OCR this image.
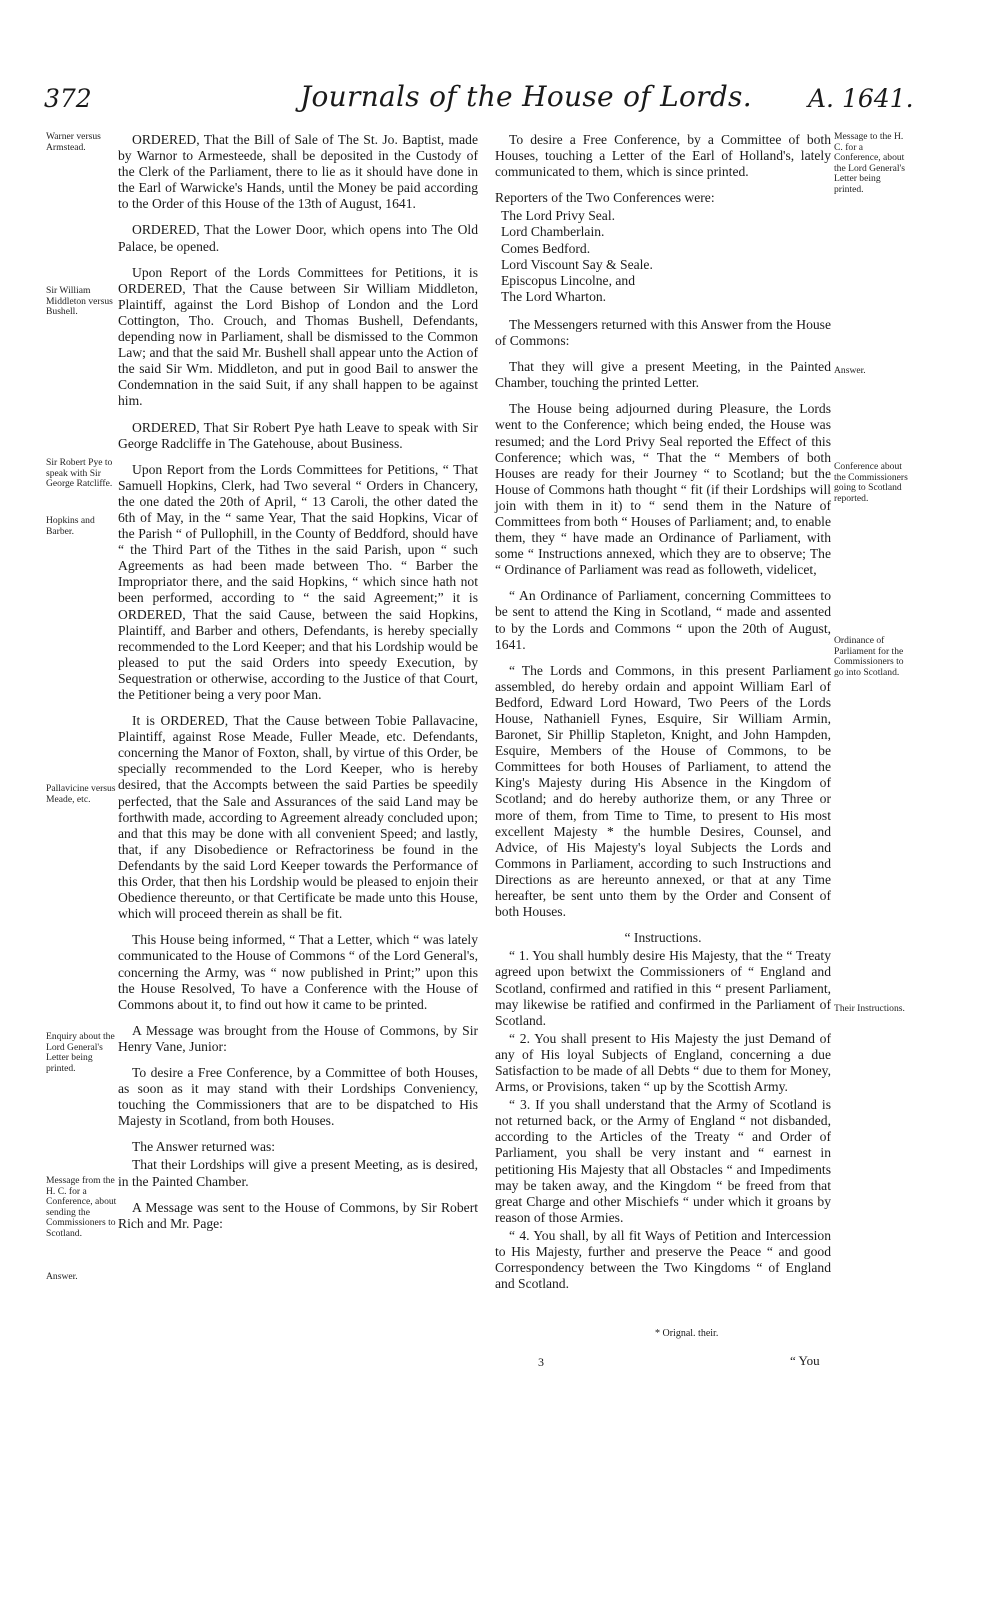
372	Journals of the House of Lords. A. 1641.
Warner versus Armstead.
Sir William Middleton versus Bushell.
Sir Robert Pye to speak with Sir George Ratcliffe.
Hopkins and Barber.
Pallavicine versus Meade, etc.
Enquiry about the Lord General's Letter being printed.
Message from the H. C. for a Conference, about sending the Commissioners to Scotland.
Answer.
Message to the H. C. for a Conference, about the Lord General's Letter being printed.
Answer.
Conference about the Commissioners going to Scotland reported.
Ordinance of Parliament for the Commissioners to go into Scotland.
Their Instructions.

ORDERED, That the Bill of Sale of The St. Jo. Baptist, made by Warnor to Armesteede, shall be deposited in the Custody of the Clerk of the Parliament, there to lie as it should have done in the Earl of Warwicke's Hands, until the Money be paid according to the Order of this House of the 13th of August, 1641.

ORDERED, That the Lower Door, which opens into The Old Palace, be opened.

Upon Report of the Lords Committees for Petitions, it is ORDERED, That the Cause between Sir William Middleton, Plaintiff, against the Lord Bishop of London and the Lord Cottington, Tho. Crouch, and Thomas Bushell, Defendants, depending now in Parliament, shall be dismissed to the Common Law; and that the said Mr. Bushell shall appear unto the Action of the said Sir Wm. Middleton, and put in good Bail to answer the Condemnation in the said Suit, if any shall happen to be against him.

ORDERED, That Sir Robert Pye hath Leave to speak with Sir George Radcliffe in The Gatehouse, about Business.

Upon Report from the Lords Committees for Petitions, “ That Samuell Hopkins, Clerk, had Two several “ Orders in Chancery, the one dated the 20th of April, “ 13 Caroli, the other dated the 6th of May, in the “ same Year, That the said Hopkins, Vicar of the Parish “ of Pullophill, in the County of Beddford, should have “ the Third Part of the Tithes in the said Parish, upon “ such Agreements as had been made between Tho. “ Barber the Impropriator there, and the said Hopkins, “ which since hath not been performed, according to “ the said Agreement;” it is ORDERED, That the said Cause, between the said Hopkins, Plaintiff, and Barber and others, Defendants, is hereby specially recommended to the Lord Keeper; and that his Lordship would be pleased to put the said Orders into speedy Execution, by Sequestration or otherwise, according to the Justice of that Court, the Petitioner being a very poor Man.

It is ORDERED, That the Cause between Tobie Pallavacine, Plaintiff, against Rose Meade, Fuller Meade, etc. Defendants, concerning the Manor of Foxton, shall, by virtue of this Order, be specially recommended to the Lord Keeper, who is hereby desired, that the Accompts between the said Parties be speedily perfected, that the Sale and Assurances of the said Land may be forthwith made, according to Agreement already concluded upon; and that this may be done with all convenient Speed; and lastly, that, if any Disobedience or Refractoriness be found in the Defendants by the said Lord Keeper towards the Performance of this Order, that then his Lordship would be pleased to enjoin their Obedience thereunto, or that Certificate be made unto this House, which will proceed therein as shall be fit.

This House being informed, “ That a Letter, which “ was lately communicated to the House of Commons “ of the Lord General's, concerning the Army, was “ now published in Print;” upon this the House Resolved, To have a Conference with the House of Commons about it, to find out how it came to be printed.

A Message was brought from the House of Commons, by Sir Henry Vane, Junior:

To desire a Free Conference, by a Committee of both Houses, as soon as it may stand with their Lordships Conveniency, touching the Commissioners that are to be dispatched to His Majesty in Scotland, from both Houses.

The Answer returned was:

That their Lordships will give a present Meeting, as is desired, in the Painted Chamber.

A Message was sent to the House of Commons, by Sir Robert Rich and Mr. Page:

To desire a Free Conference, by a Committee of both Houses, touching a Letter of the Earl of Holland's, lately communicated to them, which is since printed.

Reporters of the Two Conferences were:

The Lord Privy Seal.
Lord Chamberlain.
Comes Bedford.
Lord Viscount Say & Seale.
Episcopus Lincolne, and
The Lord Wharton.

The Messengers returned with this Answer from the House of Commons:

That they will give a present Meeting, in the Painted Chamber, touching the printed Letter.

The House being adjourned during Pleasure, the Lords went to the Conference; which being ended, the House was resumed; and the Lord Privy Seal reported the Effect of this Conference; which was, “ That the “ Members of both Houses are ready for their Journey “ to Scotland; but the House of Commons hath thought “ fit (if their Lordships will join with them in it) to “ send them in the Nature of Committees from both “ Houses of Parliament; and, to enable them, they “ have made an Ordinance of Parliament, with some “ Instructions annexed, which they are to observe; The “ Ordinance of Parliament was read as followeth, videlicet,

“ An Ordinance of Parliament, concerning Committees to be sent to attend the King in Scotland, “ made and assented to by the Lords and Commons “ upon the 20th of August, 1641.

“ The Lords and Commons, in this present Parliament assembled, do hereby ordain and appoint William Earl of Bedford, Edward Lord Howard, Two Peers of the Lords House, Nathaniell Fynes, Esquire, Sir William Armin, Baronet, Sir Phillip Stapleton, Knight, and John Hampden, Esquire, Members of the House of Commons, to be Committees for both Houses of Parliament, to attend the King's Majesty during His Absence in the Kingdom of Scotland; and do hereby authorize them, or any Three or more of them, from Time to Time, to present to His most excellent Majesty * the humble Desires, Counsel, and Advice, of His Majesty's loyal Subjects the Lords and Commons in Parliament, according to such Instructions and Directions as are hereunto annexed, or that at any Time hereafter, be sent unto them by the Order and Consent of both Houses.

“ Instructions.

“ 1. You shall humbly desire His Majesty, that the “ Treaty agreed upon betwixt the Commissioners of “ England and Scotland, confirmed and ratified in this “ present Parliament, may likewise be ratified and confirmed in the Parliament of Scotland.

“ 2. You shall present to His Majesty the just Demand of any of His loyal Subjects of England, concerning a due Satisfaction to be made of all Debts “ due to them for Money, Arms, or Provisions, taken “ up by the Scottish Army.

“ 3. If you shall understand that the Army of Scotland is not returned back, or the Army of England “ not disbanded, according to the Articles of the Treaty “ and Order of Parliament, you shall be very instant and “ earnest in petitioning His Majesty that all Obstacles “ and Impediments may be taken away, and the Kingdom “ be freed from that great Charge and other Mischiefs “ under which it groans by reason of those Armies.

“ 4. You shall, by all fit Ways of Petition and Intercession to His Majesty, further and preserve the Peace “ and good Correspondency between the Two Kingdoms “ of England and Scotland.

* Orignal. their.
3	“ You
